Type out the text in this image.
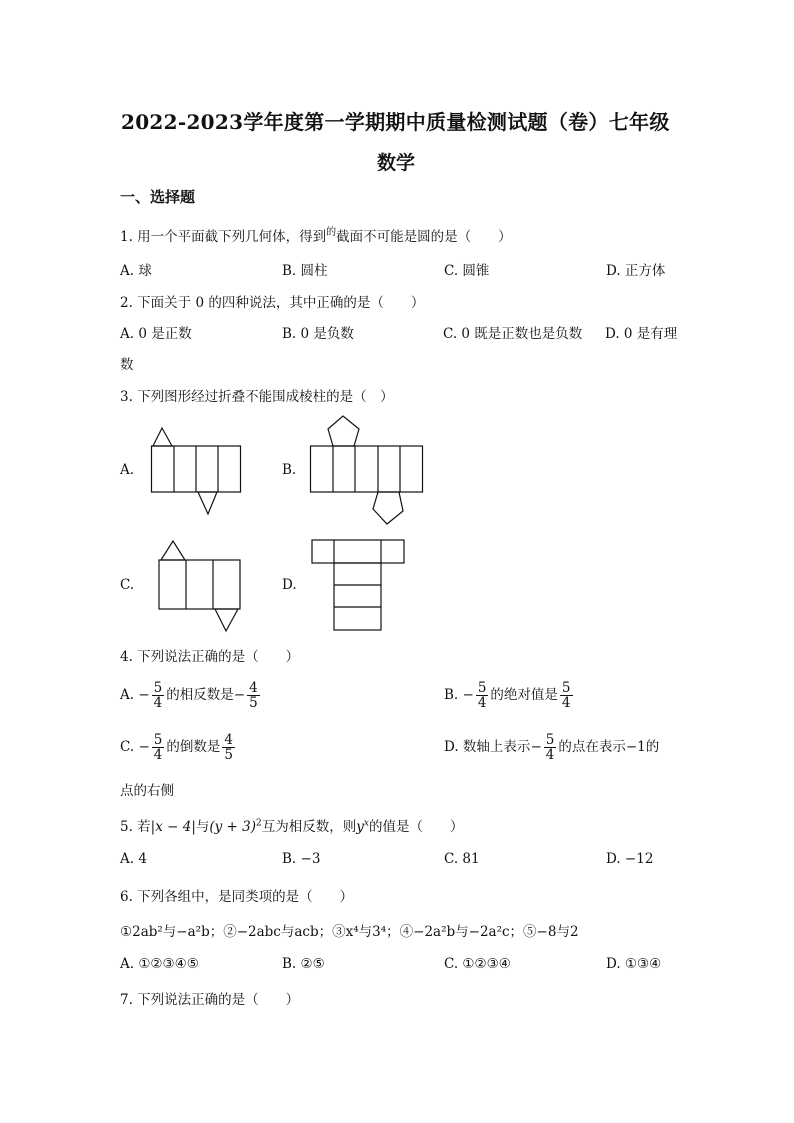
2022-2023学年度第一学期期中质量检测试题（卷）七年级
数学
一、选择题
1. 用一个平面截下列几何体，得到$^的$截面不可能是圆的是（　　）
A. 球	B. 圆柱	C. 圆锥	D. 正方体
2. 下面关于 0 的四种说法，其中正确的是（　　）
A. 0 是正数	B. 0 是负数	C. 0 既是正数也是负数 D. 0 是有理
数
3. 下列图形经过折叠不能围成棱柱的是（　）
A.	B.
C.	D.
4. 下列说法正确的是（　　）
A. − $\frac{5}{4}$ 的相反数是− $\frac{4}{5}$	B. − $\frac{5}{4}$ 的绝对值是 $\frac{5}{4}$
C. − $\frac{5}{4}$ 的倒数是 $\frac{4}{5}$	D. 数轴上表示− $\frac{5}{4}$ 的点在表示−1的
点的右侧
5. 若|x − 4|与$(y + 3)^2$互为相反数，则$y^x$的值是（　　）
A. 4	B. −3	C. 81	D. −12
6. 下列各组中，是同类项的是（　　）
①2ab²与−a²b；②−2abc与acb；③x⁴与3⁴；④−2a²b与−2a²c；⑤−8与2
A. ①②③④⑤	B. ②⑤	C. ①②③④	D. ①③④
7. 下列说法正确的是（　　）
